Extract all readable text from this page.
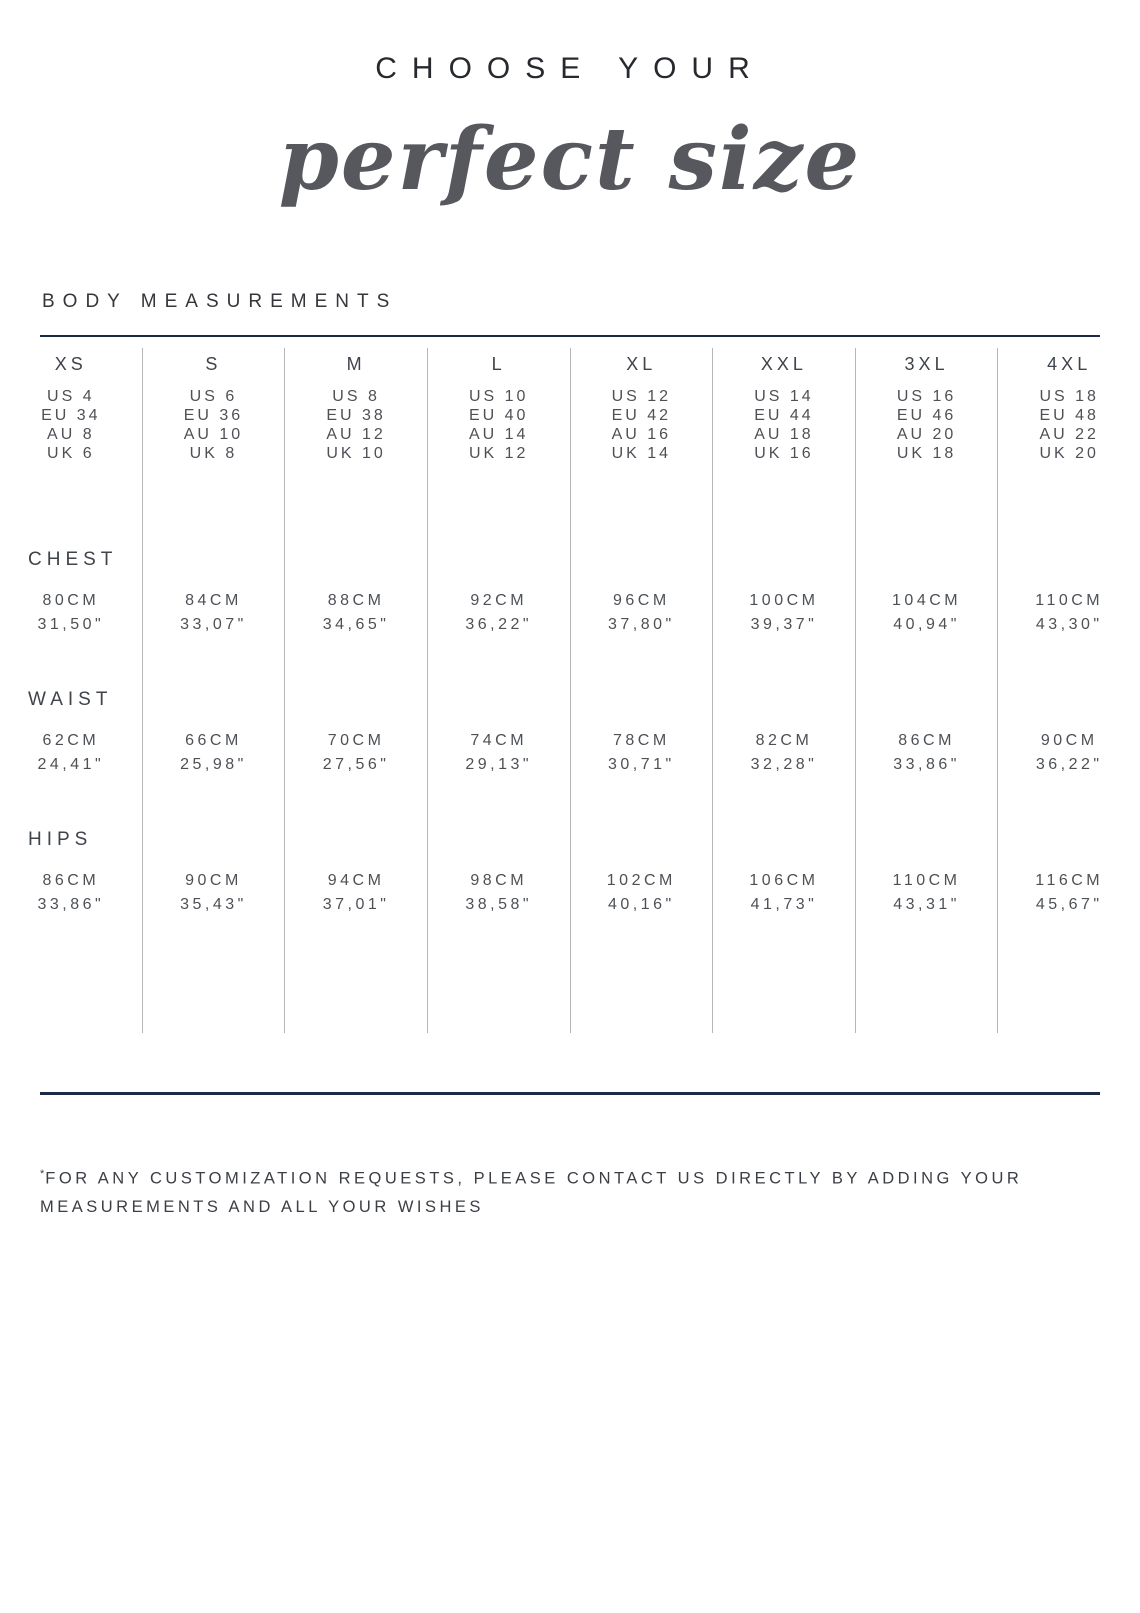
CHOOSE YOUR
perfect size
BODY MEASUREMENTS
XS
US 4
EU 34
AU 8
UK 6
CHEST
80CM
31,50"
WAIST
62CM
24,41"
HIPS
86CM
33,86"
S
US 6
EU 36
AU 10
UK 8
84CM
33,07"
66CM
25,98"
90CM
35,43"
M
US 8
EU 38
AU 12
UK 10
88CM
34,65"
70CM
27,56"
94CM
37,01"
L
US 10
EU 40
AU 14
UK 12
92CM
36,22"
74CM
29,13"
98CM
38,58"
XL
US 12
EU 42
AU 16
UK 14
96CM
37,80"
78CM
30,71"
102CM
40,16"
XXL
US 14
EU 44
AU 18
UK 16
100CM
39,37"
82CM
32,28"
106CM
41,73"
3XL
US 16
EU 46
AU 20
UK 18
104CM
40,94"
86CM
33,86"
110CM
43,31"
4XL
US 18
EU 48
AU 22
UK 20
110CM
43,30"
90CM
36,22"
116CM
45,67"
*FOR ANY CUSTOMIZATION REQUESTS, PLEASE CONTACT US DIRECTLY BY ADDING YOUR MEASUREMENTS AND ALL YOUR WISHES
